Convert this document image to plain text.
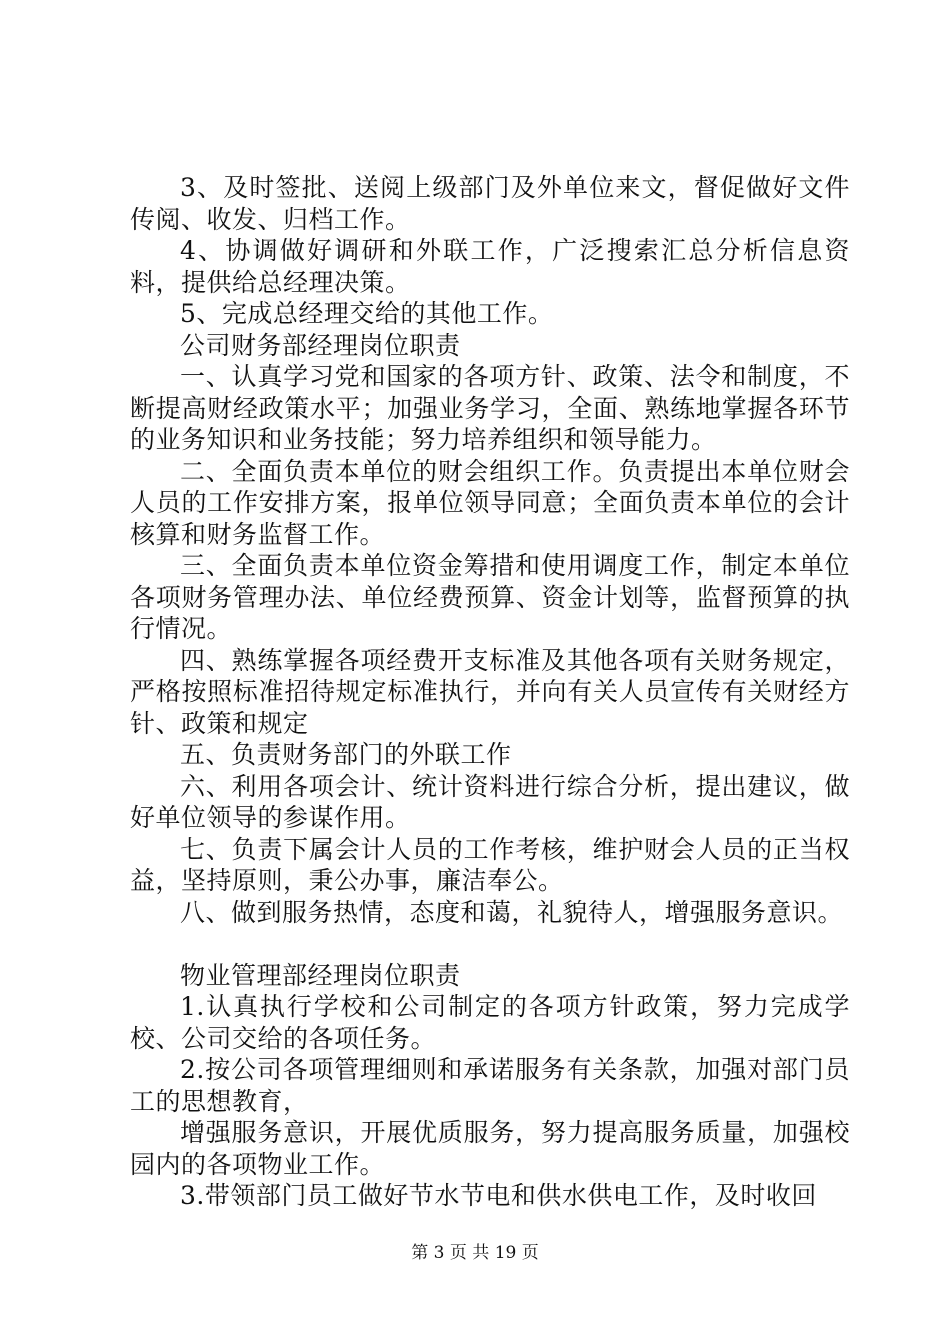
3、及时签批、送阅上级部门及外单位来文，督促做好文件传阅、收发、归档工作。

4、协调做好调研和外联工作，广泛搜索汇总分析信息资料，提供给总经理决策。

5、完成总经理交给的其他工作。

公司财务部经理岗位职责

一、认真学习党和国家的各项方针、政策、法令和制度，不断提高财经政策水平；加强业务学习，全面、熟练地掌握各环节的业务知识和业务技能；努力培养组织和领导能力。

二、全面负责本单位的财会组织工作。负责提出本单位财会人员的工作安排方案，报单位领导同意；全面负责本单位的会计核算和财务监督工作。

三、全面负责本单位资金筹措和使用调度工作，制定本单位各项财务管理办法、单位经费预算、资金计划等，监督预算的执行情况。

四、熟练掌握各项经费开支标准及其他各项有关财务规定，严格按照标准招待规定标准执行，并向有关人员宣传有关财经方针、政策和规定

五、负责财务部门的外联工作

六、利用各项会计、统计资料进行综合分析，提出建议，做好单位领导的参谋作用。

七、负责下属会计人员的工作考核，维护财会人员的正当权益，坚持原则，秉公办事，廉洁奉公。

八、做到服务热情，态度和蔼，礼貌待人，增强服务意识。

物业管理部经理岗位职责

1.认真执行学校和公司制定的各项方针政策，努力完成学校、公司交给的各项任务。

2.按公司各项管理细则和承诺服务有关条款，加强对部门员工的思想教育，

增强服务意识，开展优质服务，努力提高服务质量，加强校园内的各项物业工作。

3.带领部门员工做好节水节电和供水供电工作，及时收回

第 3 页 共 19 页
